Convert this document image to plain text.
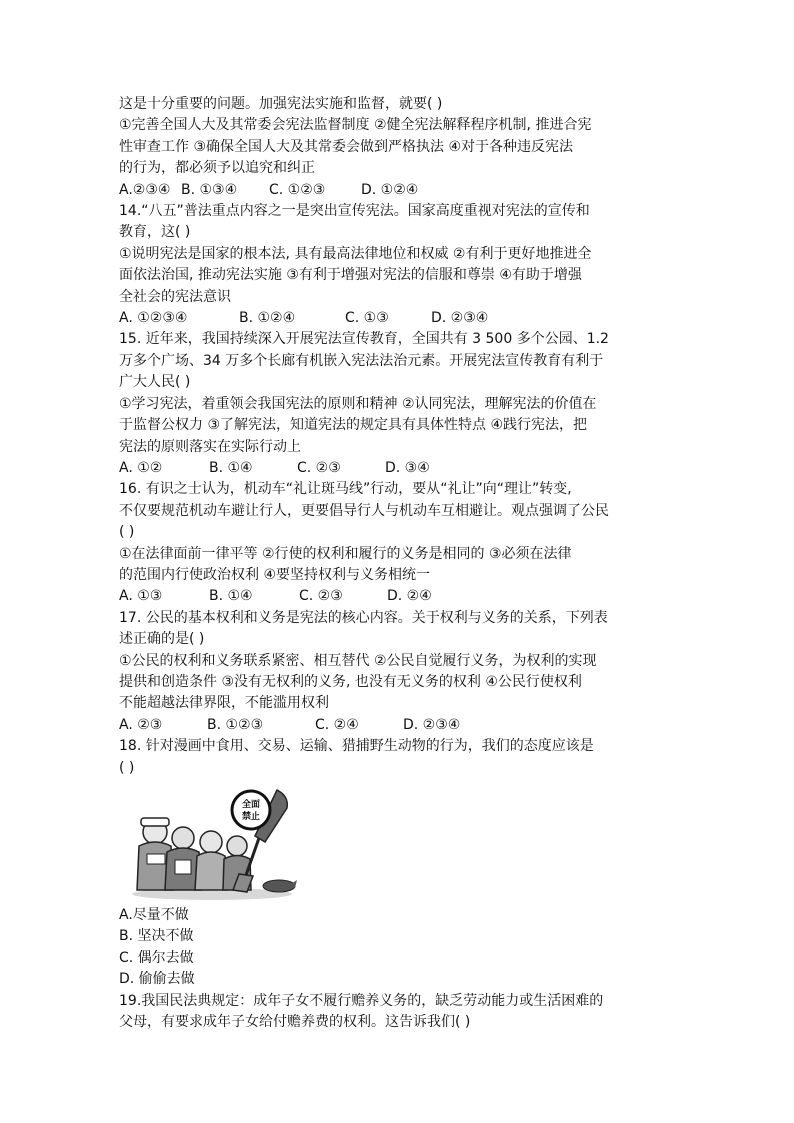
这是十分重要的问题。加强宪法实施和监督，就要( )
①完善全国人大及其常委会宪法监督制度 ②健全宪法解释程序机制, 推进合宪
性审查工作 ③确保全国人大及其常委会做到严格执法 ④对于各种违反宪法
的行为，都必须予以追究和纠正
A.②③④ B. ①③④ C. ①②③	D. ①②④
14.“八五”普法重点内容之一是突出宣传宪法。国家高度重视对宪法的宣传和
教育，这( )
①说明宪法是国家的根本法, 具有最高法律地位和权威 ②有利于更好地推进全
面依法治国, 推动宪法实施 ③有利于增强对宪法的信服和尊崇 ④有助于增强
全社会的宪法意识
A. ①②③④	B. ①②④	C. ①③	D. ②③④
15. 近年来，我国持续深入开展宪法宣传教育，全国共有 3 500 多个公园、1.2
万多个广场、34 万多个长廊有机嵌入宪法法治元素。开展宪法宣传教育有利于
广大人民( )
①学习宪法，着重领会我国宪法的原则和精神 ②认同宪法，理解宪法的价值在
于监督公权力 ③了解宪法，知道宪法的规定具有具体性特点 ④践行宪法，把
宪法的原则落实在实际行动上
A. ①②	B. ①④	C. ②③	D. ③④
16. 有识之士认为，机动车“礼让斑马线”行动，要从“礼让”向“理让”转变,
不仅要规范机动车避让行人，更要倡导行人与机动车互相避让。观点强调了公民
( )
①在法律面前一律平等 ②行使的权利和履行的义务是相同的 ③必须在法律
的范围内行使政治权利 ④要坚持权利与义务相统一
A. ①③	B. ①④	C. ②③	D. ②④
17. 公民的基本权利和义务是宪法的核心内容。关于权利与义务的关系，下列表
述正确的是( )
①公民的权利和义务联系紧密、相互替代 ②公民自觉履行义务，为权利的实现
提供和创造条件 ③没有无权利的义务, 也没有无义务的权利 ④公民行使权利
不能超越法律界限，不能滥用权利
A. ②③	B. ①②③	C. ②④	D. ②③④
18. 针对漫画中食用、交易、运输、猎捕野生动物的行为，我们的态度应该是
( )
全面
禁止
A.尽量不做
B. 坚决不做
C. 偶尔去做
D. 偷偷去做
19.我国民法典规定：成年子女不履行赡养义务的，缺乏劳动能力或生活困难的
父母，有要求成年子女给付赡养费的权利。这告诉我们( )
